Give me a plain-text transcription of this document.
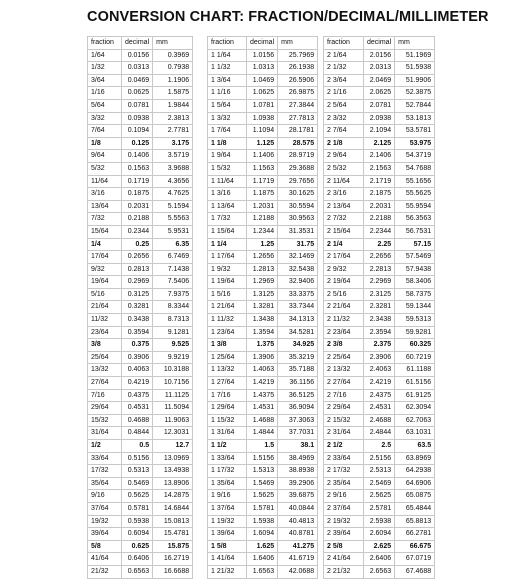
CONVERSION CHART: FRACTION/DECIMAL/MILLIMETER
fraction	decimal	mm
1/64	0.0156	0.3969
1/32	0.0313	0.7938
3/64	0.0469	1.1906
1/16	0.0625	1.5875
5/64	0.0781	1.9844
3/32	0.0938	2.3813
7/64	0.1094	2.7781
1/8	0.125	3.175
9/64	0.1406	3.5719
5/32	0.1563	3.9688
11/64	0.1719	4.3656
3/16	0.1875	4.7625
13/64	0.2031	5.1594
7/32	0.2188	5.5563
15/64	0.2344	5.9531
1/4	0.25	6.35
17/64	0.2656	6.7469
9/32	0.2813	7.1438
19/64	0.2969	7.5406
5/16	0.3125	7.9375
21/64	0.3281	8.3344
11/32	0.3438	8.7313
23/64	0.3594	9.1281
3/8	0.375	9.525
25/64	0.3906	9.9219
13/32	0.4063	10.3188
27/64	0.4219	10.7156
7/16	0.4375	11.1125
29/64	0.4531	11.5094
15/32	0.4688	11.9063
31/64	0.4844	12.3031
1/2	0.5	12.7
33/64	0.5156	13.0969
17/32	0.5313	13.4938
35/64	0.5469	13.8906
9/16	0.5625	14.2875
37/64	0.5781	14.6844
19/32	0.5938	15.0813
39/64	0.6094	15.4781
5/8	0.625	15.875
41/64	0.6406	16.2719
21/32	0.6563	16.6688
fraction	decimal	mm
1 1/64	1.0156	25.7969
1 1/32	1.0313	26.1938
1 3/64	1.0469	26.5906
1 1/16	1.0625	26.9875
1 5/64	1.0781	27.3844
1 3/32	1.0938	27.7813
1 7/64	1.1094	28.1781
1 1/8	1.125	28.575
1 9/64	1.1406	28.9719
1 5/32	1.1563	29.3688
1 11/64	1.1719	29.7656
1 3/16	1.1875	30.1625
1 13/64	1.2031	30.5594
1 7/32	1.2188	30.9563
1 15/64	1.2344	31.3531
1 1/4	1.25	31.75
1 17/64	1.2656	32.1469
1 9/32	1.2813	32.5438
1 19/64	1.2969	32.9406
1 5/16	1.3125	33.3375
1 21/64	1.3281	33.7344
1 11/32	1.3438	34.1313
1 23/64	1.3594	34.5281
1 3/8	1.375	34.925
1 25/64	1.3906	35.3219
1 13/32	1.4063	35.7188
1 27/64	1.4219	36.1156
1 7/16	1.4375	36.5125
1 29/64	1.4531	36.9094
1 15/32	1.4688	37.3063
1 31/64	1.4844	37.7031
1 1/2	1.5	38.1
1 33/64	1.5156	38.4969
1 17/32	1.5313	38.8938
1 35/64	1.5469	39.2906
1 9/16	1.5625	39.6875
1 37/64	1.5781	40.0844
1 19/32	1.5938	40.4813
1 39/64	1.6094	40.8781
1 5/8	1.625	41.275
1 41/64	1.6406	41.6719
1 21/32	1.6563	42.0688
fraction	decimal	mm
2 1/64	2.0156	51.1969
2 1/32	2.0313	51.5938
2 3/64	2.0469	51.9906
2 1/16	2.0625	52.3875
2 5/64	2.0781	52.7844
2 3/32	2.0938	53.1813
2 7/64	2.1094	53.5781
2 1/8	2.125	53.975
2 9/64	2.1406	54.3719
2 5/32	2.1563	54.7688
2 11/64	2.1719	55.1656
2 3/16	2.1875	55.5625
2 13/64	2.2031	55.9594
2 7/32	2.2188	56.3563
2 15/64	2.2344	56.7531
2 1/4	2.25	57.15
2 17/64	2.2656	57.5469
2 9/32	2.2813	57.9438
2 19/64	2.2969	58.3406
2 5/16	2.3125	58.7375
2 21/64	2.3281	59.1344
2 11/32	2.3438	59.5313
2 23/64	2.3594	59.9281
2 3/8	2.375	60.325
2 25/64	2.3906	60.7219
2 13/32	2.4063	61.1188
2 27/64	2.4219	61.5156
2 7/16	2.4375	61.9125
2 29/64	2.4531	62.3094
2 15/32	2.4688	62.7063
2 31/64	2.4844	63.1031
2 1/2	2.5	63.5
2 33/64	2.5156	63.8969
2 17/32	2.5313	64.2938
2 35/64	2.5469	64.6906
2 9/16	2.5625	65.0875
2 37/64	2.5781	65.4844
2 19/32	2.5938	65.8813
2 39/64	2.6094	66.2781
2 5/8	2.625	66.675
2 41/64	2.6406	67.0719
2 21/32	2.6563	67.4688
